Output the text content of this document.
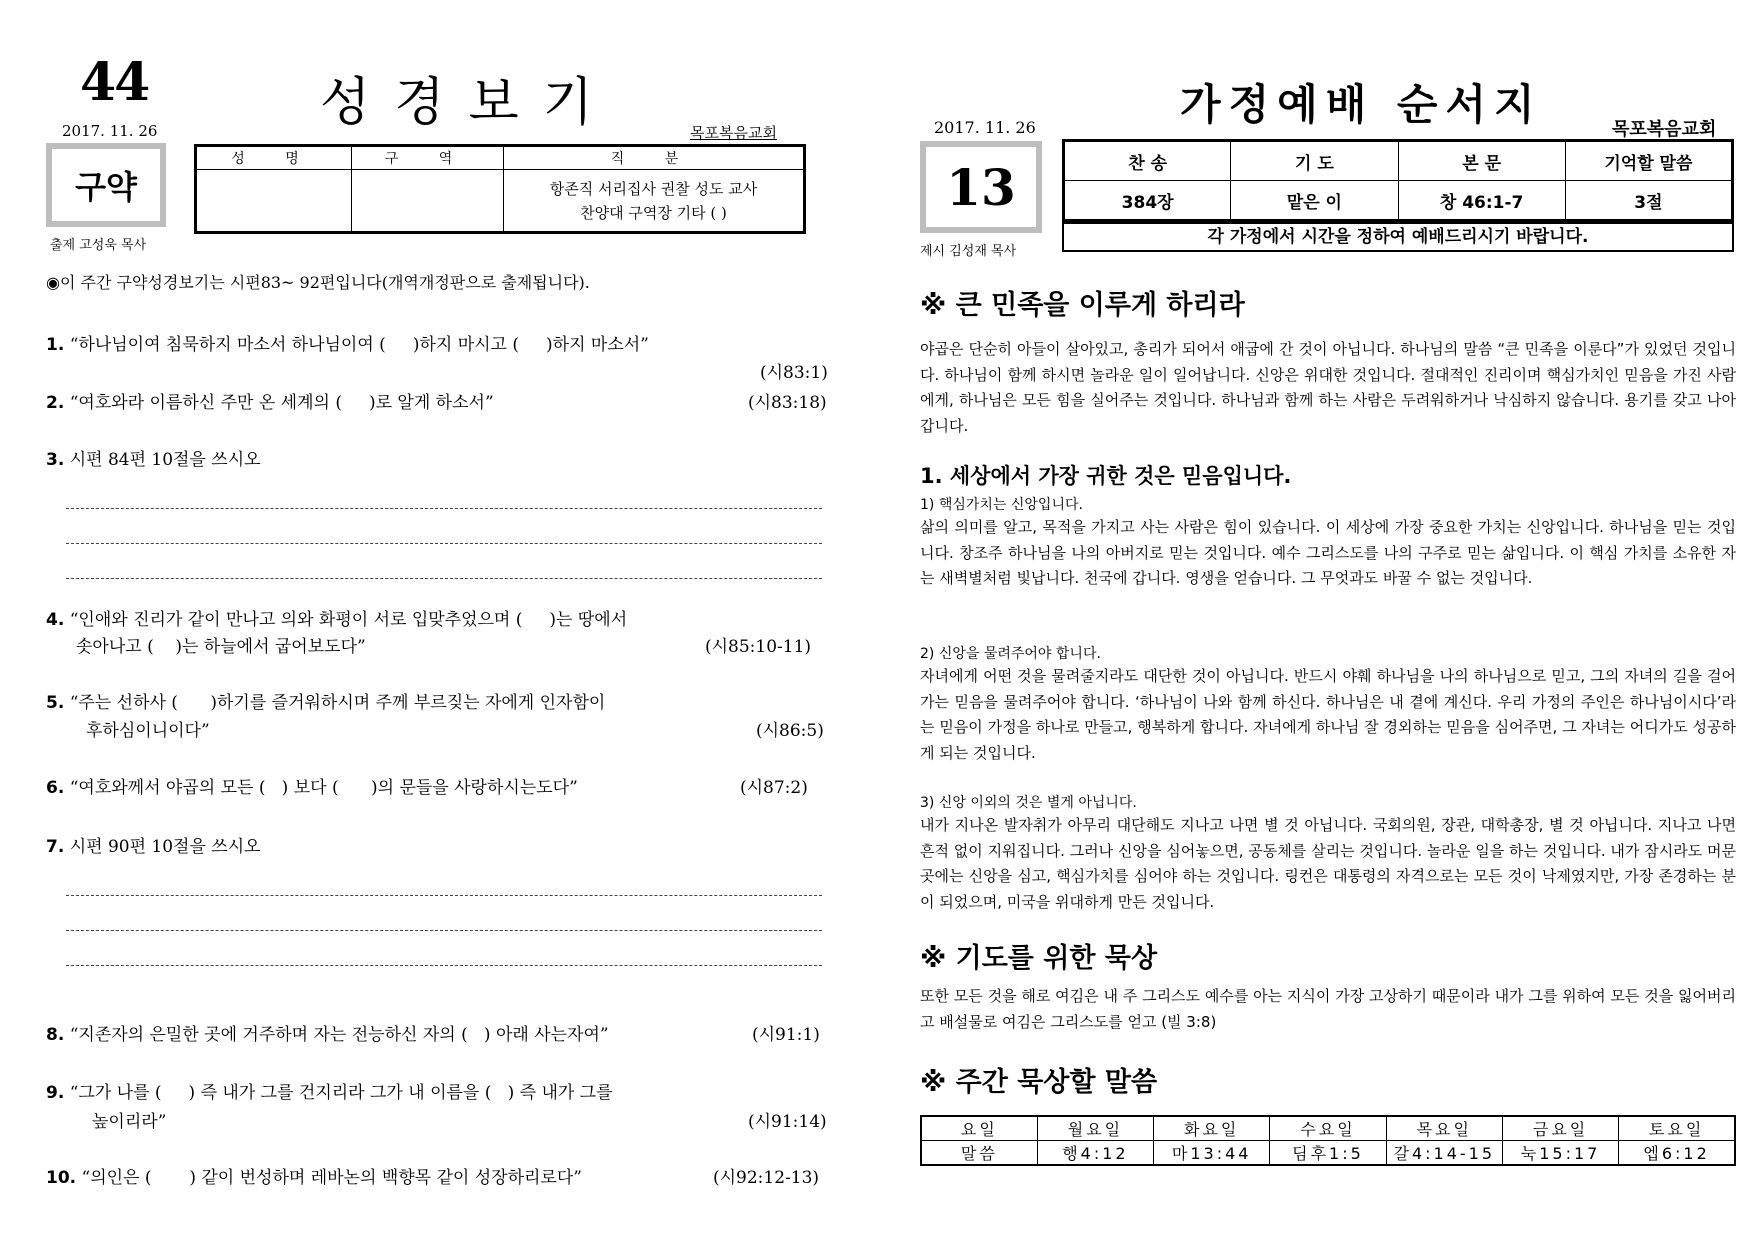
44	성경보기
2017. 11. 26	목포복음교회
구약
출제 고성욱 목사
성 명	구 역	직 분

		항존직 서리집사 권찰 성도 교사
찬양대 구역장 기타 ( )
◉이 주간 구약성경보기는 시편83~ 92편입니다(개역개정판으로 출제됩니다).
1. “하나님이여 침묵하지 마소서 하나님이여 (     )하지 마시고 (     )하지 마소서”
(시83:1)
2. “여호와라 이름하신 주만 온 세계의 (     )로 알게 하소서”	(시83:18)
3. 시편 84편 10절을 쓰시오
4. “인애와 진리가 같이 만나고 의와 화평이 서로 입맞추었으며 (     )는 땅에서
솟아나고 (    )는 하늘에서 굽어보도다”	(시85:10-11)
5. “주는 선하사 (      )하기를 즐거워하시며 주께 부르짖는 자에게 인자함이
후하심이니이다”	(시86:5)
6. “여호와께서 야곱의 모든 (   ) 보다 (      )의 문들을 사랑하시는도다”	(시87:2)
7. 시편 90편 10절을 쓰시오
8. “지존자의 은밀한 곳에 거주하며 자는 전능하신 자의 (   ) 아래 사는자여”	(시91:1)
9. “그가 나를 (     ) 즉 내가 그를 건지리라 그가 내 이름을 (   ) 즉 내가 그를
높이리라”	(시91:14)
10. “의인은 (       ) 같이 번성하며 레바논의 백향목 같이 성장하리로다”	(시92:12-13)
가정예배 순서지
2017. 11. 26	목포복음교회
13
제시 김성재 목사
찬 송	기 도	본 문	기억할 말씀
384장	맡은 이	창 46:1-7	3절
각 가정에서 시간을 정하여 예배드리시기 바랍니다.
※ 큰 민족을 이루게 하리라
야곱은 단순히 아들이 살아있고, 총리가 되어서 애굽에 간 것이 아닙니다. 하나님의 말씀 “큰 민족을 이룬다”가 있었던 것입니다. 하나님이 함께 하시면 놀라운 일이 일어납니다. 신앙은 위대한 것입니다. 절대적인 진리이며 핵심가치인 믿음을 가진 사람에게, 하나님은 모든 힘을 실어주는 것입니다. 하나님과 함께 하는 사람은 두려워하거나 낙심하지 않습니다. 용기를 갖고 나아갑니다.
1. 세상에서 가장 귀한 것은 믿음입니다.
1) 핵심가치는 신앙입니다.
삶의 의미를 알고, 목적을 가지고 사는 사람은 힘이 있습니다. 이 세상에 가장 중요한 가치는 신앙입니다. 하나님을 믿는 것입니다. 창조주 하나님을 나의 아버지로 믿는 것입니다. 예수 그리스도를 나의 구주로 믿는 삶입니다. 이 핵심 가치를 소유한 자는 새벽별처럼 빛납니다. 천국에 갑니다. 영생을 얻습니다. 그 무엇과도 바꿀 수 없는 것입니다.
2) 신앙을 물려주어야 합니다.
자녀에게 어떤 것을 물려줄지라도 대단한 것이 아닙니다. 반드시 야훼 하나님을 나의 하나님으로 믿고, 그의 자녀의 길을 걸어가는 믿음을 물려주어야 합니다. ‘하나님이 나와 함께 하신다. 하나님은 내 곁에 계신다. 우리 가정의 주인은 하나님이시다’라는 믿음이 가정을 하나로 만들고, 행복하게 합니다. 자녀에게 하나님 잘 경외하는 믿음을 심어주면, 그 자녀는 어디가도 성공하게 되는 것입니다.
3) 신앙 이외의 것은 별게 아닙니다.
내가 지나온 발자취가 아무리 대단해도 지나고 나면 별 것 아닙니다. 국회의원, 장관, 대학총장, 별 것 아닙니다. 지나고 나면 흔적 없이 지워집니다. 그러나 신앙을 심어놓으면, 공동체를 살리는 것입니다. 놀라운 일을 하는 것입니다. 내가 잠시라도 머문 곳에는 신앙을 심고, 핵심가치를 심어야 하는 것입니다. 링컨은 대통령의 자격으로는 모든 것이 낙제였지만, 가장 존경하는 분이 되었으며, 미국을 위대하게 만든 것입니다.
※ 기도를 위한 묵상
또한 모든 것을 해로 여김은 내 주 그리스도 예수를 아는 지식이 가장 고상하기 때문이라 내가 그를 위하여 모든 것을 잃어버리고 배설물로 여김은 그리스도를 얻고 (빌 3:8)
※ 주간 묵상할 말씀
요일	월요일	화요일	수요일	목요일	금요일	토요일
말씀	행4:12	마13:44	딤후1:5	갈4:14-15	눅15:17	엡6:12
